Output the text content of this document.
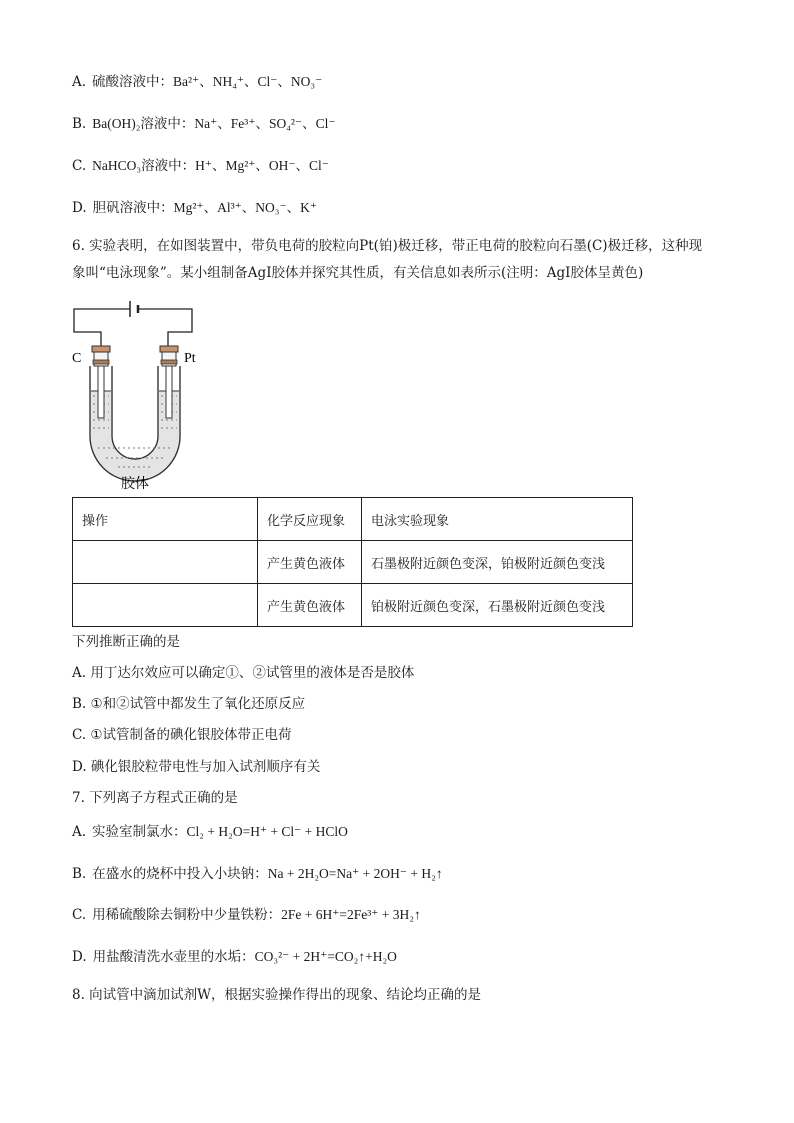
A. 硫酸溶液中：Ba²⁺、NH₄⁺、Cl⁻、NO₃⁻
B. Ba(OH)₂溶液中：Na⁺、Fe³⁺、SO₄²⁻、Cl⁻
C. NaHCO₃溶液中：H⁺、Mg²⁺、OH⁻、Cl⁻
D. 胆矾溶液中：Mg²⁺、Al³⁺、NO₃⁻、K⁺
6. 实验表明，在如图装置中，带负电荷的胶粒向Pt(铂)极迁移，带正电荷的胶粒向石墨(C)极迁移，这种现
象叫“电泳现象”。某小组制备AgI胶体并探究其性质，有关信息如表所示(注明：AgI胶体呈黄色)
C	Pt
胶体
操作	化学反应现象	电泳实验现象
	产生黄色液体	石墨极附近颜色变深，铂极附近颜色变浅
	产生黄色液体	铂极附近颜色变深，石墨极附近颜色变浅
下列推断正确的是
A. 用丁达尔效应可以确定①、②试管里的液体是否是胶体
B. ①和②试管中都发生了氧化还原反应
C. ①试管制备的碘化银胶体带正电荷
D. 碘化银胶粒带电性与加入试剂顺序有关
7. 下列离子方程式正确的是
A. 实验室制氯水：Cl₂ + H₂O=H⁺ + Cl⁻ + HClO
B. 在盛水的烧杯中投入小块钠：Na + 2H₂O=Na⁺ + 2OH⁻ + H₂↑
C. 用稀硫酸除去铜粉中少量铁粉：2Fe + 6H⁺=2Fe³⁺ + 3H₂↑
D. 用盐酸清洗水壶里的水垢：CO₃²⁻ + 2H⁺=CO₂↑+H₂O
8. 向试管中滴加试剂W，根据实验操作得出的现象、结论均正确的是
